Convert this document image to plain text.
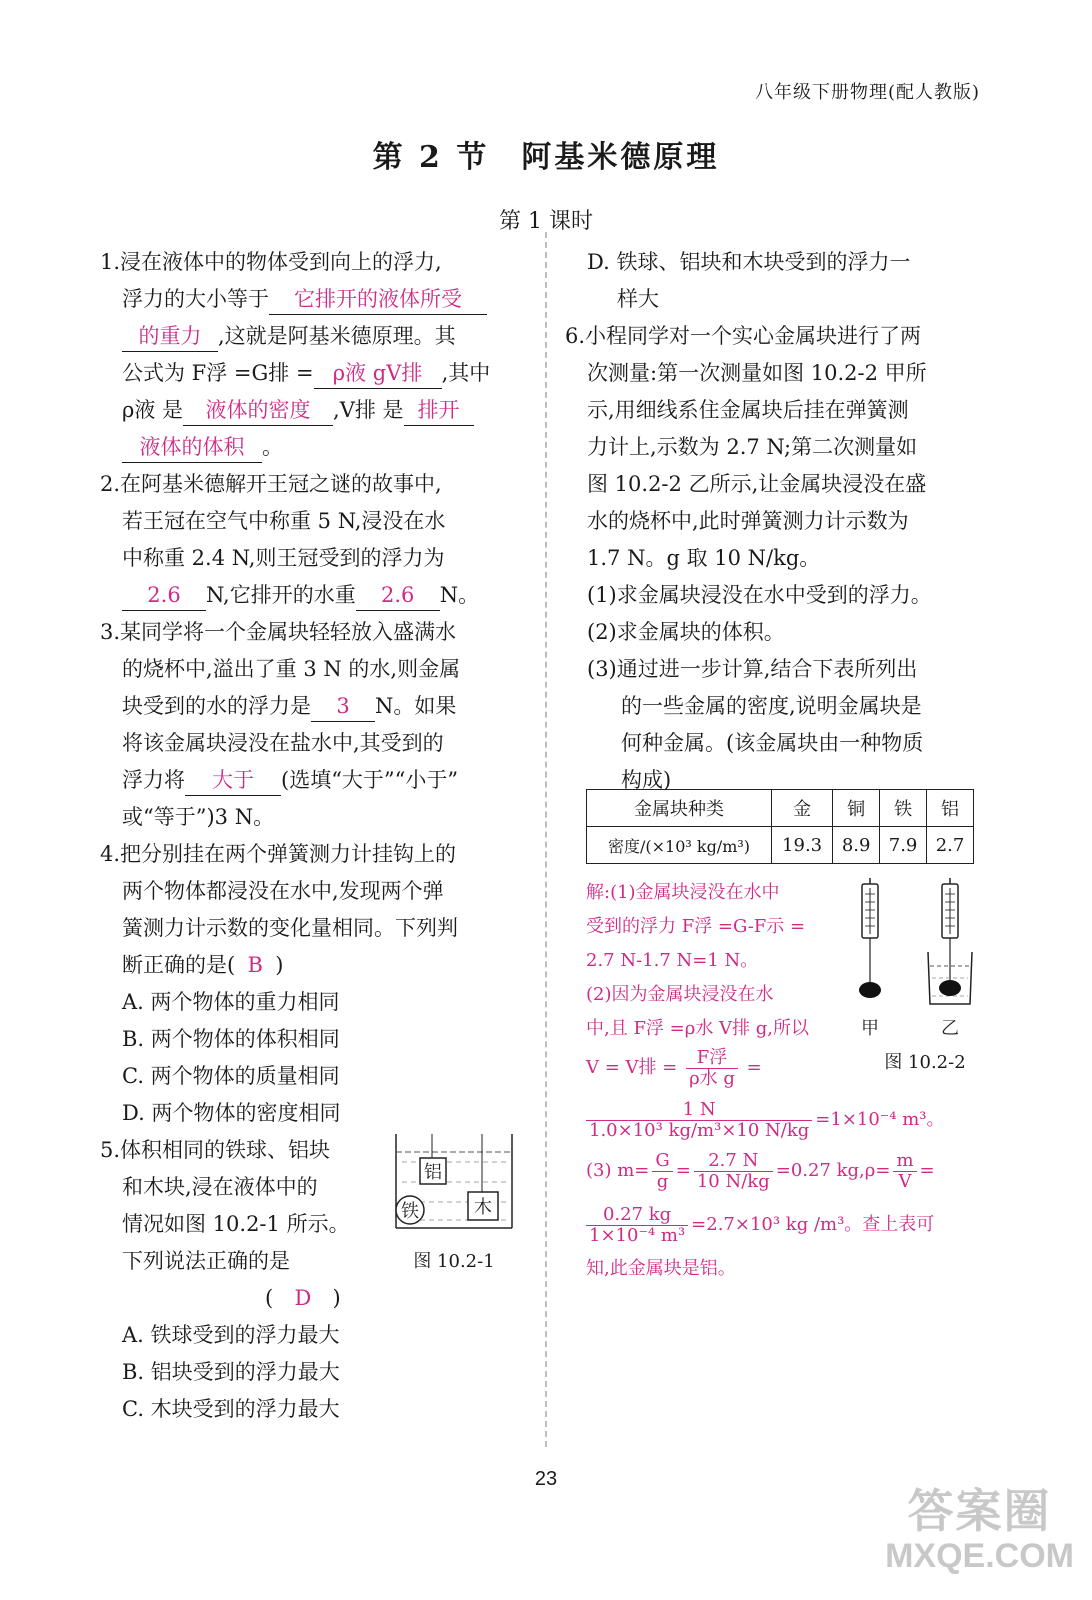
八年级下册物理(配人教版)
第 2 节 阿基米德原理
第 1 课时

1.浸在液体中的物体受到向上的浮力,

浮力的大小等于 它排开的液体所受

的重力 ,这就是阿基米德原理。其

公式为 F浮 =G排 = ρ液 gV排 ,其中

ρ液 是 液体的密度 ,V排 是 排开

液体的体积 。

2.在阿基米德解开王冠之谜的故事中,

若王冠在空气中称重 5 N,浸没在水

中称重 2.4 N,则王冠受到的浮力为

2.6 N,它排开的水重 2.6 N。

3.某同学将一个金属块轻轻放入盛满水

的烧杯中,溢出了重 3 N 的水,则金属

块受到的水的浮力是 3 N。如果

将该金属块浸没在盐水中,其受到的

浮力将 大于 (选填“大于”“小于”

或“等于”)3 N。

4.把分别挂在两个弹簧测力计挂钩上的

两个物体都浸没在水中,发现两个弹

簧测力计示数的变化量相同。下列判

断正确的是( B )

A. 两个物体的重力相同

B. 两个物体的体积相同

C. 两个物体的质量相同

D. 两个物体的密度相同

5.体积相同的铁球、铝块

和木块,浸在液体中的

情况如图 10.2-1 所示。

下列说法正确的是

( D )

A. 铁球受到的浮力最大

B. 铝块受到的浮力最大

C. 木块受到的浮力最大

铝
铁	木
图 10.2-1

D. 铁球、铝块和木块受到的浮力一

样大

6.小程同学对一个实心金属块进行了两

次测量:第一次测量如图 10.2-2 甲所

示,用细线系住金属块后挂在弹簧测

力计上,示数为 2.7 N;第二次测量如

图 10.2-2 乙所示,让金属块浸没在盛

水的烧杯中,此时弹簧测力计示数为

1.7 N。g 取 10 N/kg。

(1)求金属块浸没在水中受到的浮力。

(2)求金属块的体积。

(3)通过进一步计算,结合下表所列出

的一些金属的密度,说明金属块是

何种金属。(该金属块由一种物质

构成)

金属块种类	金	铜	铁	铝
密度/(×10³ kg/m³)	19.3	8.9	7.9	2.7

解:(1)金属块浸没在水中

受到的浮力 F浮 =G-F示 =

2.7 N-1.7 N=1 N。

(2)因为金属块浸没在水

中,且 F浮 =ρ水 V排 g,所以

V = V排 = $\frac{\text{F浮}}{\text{ρ水 g}}$ =

$\frac{1 N}{\text{1.0×10³ kg/m³×10 N/kg}} =1\times 10^{-4}$ m³。

(3) $m= \frac{G}{g} = \frac{2.7 N}{10 N/kg} =0.27$ $kg,\rho= \frac{m}{V}$ =

$\frac{0.27 kg}{\text{1×10⁻⁴ m³}} =2.7\times 10^3$ kg /m³。查上表可

知,此金属块是铝。

甲	乙
图 10.2-2
23
答案圈
MXQE.COM
